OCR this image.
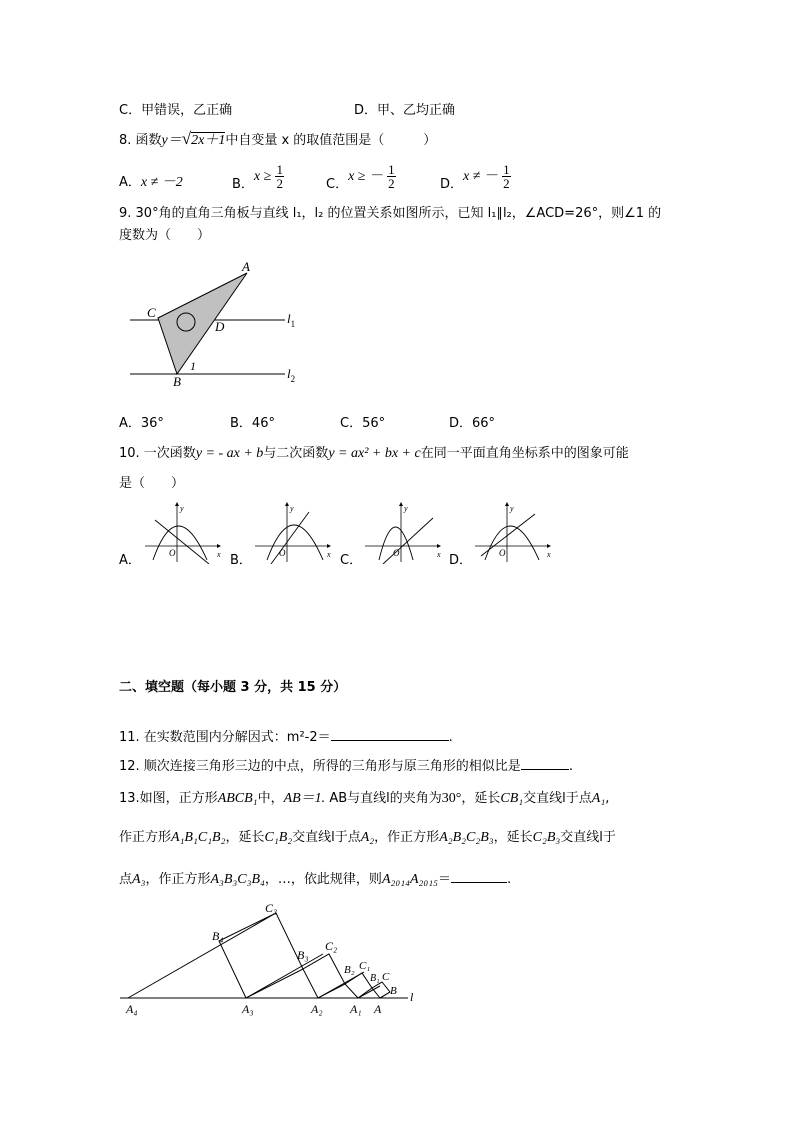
C．甲错误，乙正确	D．甲、乙均正确
8. 函数y＝√2x＋1中自变量 x 的取值范围是（　　　）
A．x ≠ －2	B．$x \ge \frac{1}{2}$	C．x ≥ － $\frac{1}{2}$	D．x ≠ － $\frac{1}{2}$
9. 30°角的直角三角板与直线 l₁，l₂ 的位置关系如图所示，已知 l₁∥l₂，∠ACD=26°，则∠1 的
度数为（　　）
A
C
D
B
1
$l_1$
$l_2$
A．36°	B．46°	C．56°	D．66°
10. 一次函数y = - ax + b与二次函数y = ax² + bx + c在同一平面直角坐标系中的图象可能
是（　　）
A．
y
x
O	B．
y
x
O	C．
y
x
O	D．
y
x
O
二、填空题（每小题 3 分，共 15 分）
11. 在实数范围内分解因式：m²-2＝	.
12. 顺次连接三角形三边的中点，所得的三角形与原三角形的相似比是	.
13.如图，正方形ABCB₁中，AB＝1. AB与直线l的夹角为30°，延长CB₁交直线l于点A₁,
作正方形A₁B₁C₁B₂，延长C₁B₂交直线l于点A₂，作正方形A₂B₂C₂B₃，延长C₂B₃交直线l于
点A₃，作正方形A₃B₃C₃B₄，…，依此规律，则A₂₀₁₄A₂₀₁₅＝	.
C₃
B₄
C₂
B₃
B₂ C₁
B₁ C
B l
A₄	A₃	A₂ A₁ A
